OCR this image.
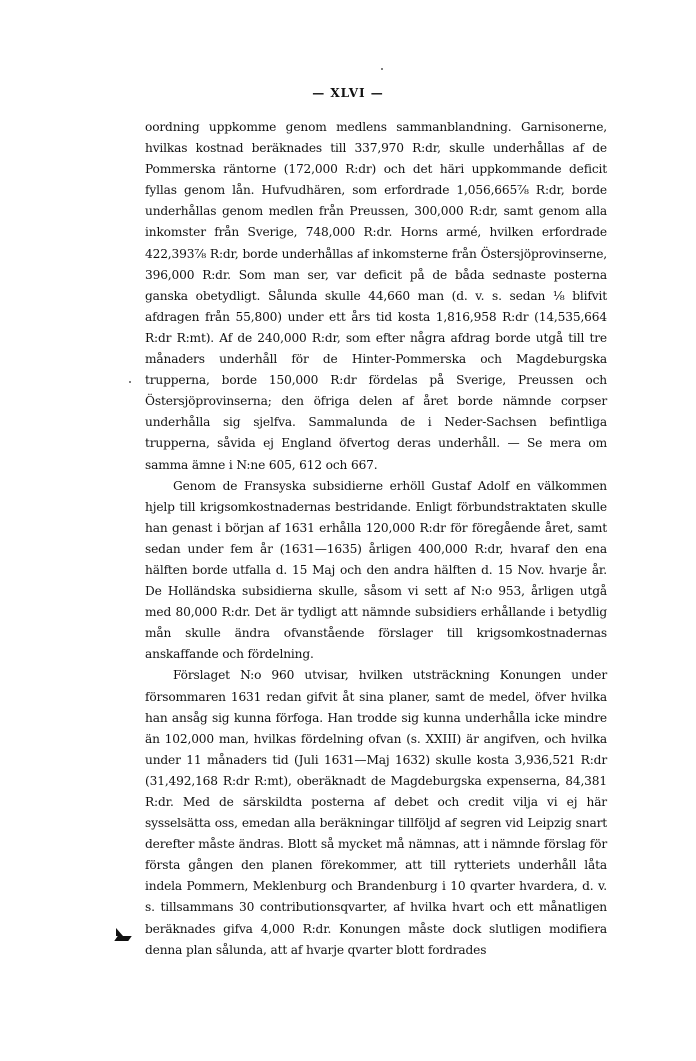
— XLVI —

oordning uppkomme genom medlens sammanblandning. Garnisonerne, hvilkas kostnad beräknades till 337,970 R:dr, skulle underhållas af de Pommerska räntorne (172,000 R:dr) och det häri uppkommande deficit fyllas genom lån. Hufvudhären, som erfordrade 1,056,665⅞ R:dr, borde underhållas genom medlen från Preussen, 300,000 R:dr, samt genom alla inkomster från Sverige, 748,000 R:dr. Horns armé, hvilken erfordrade 422,393⅞ R:dr, borde underhållas af inkomsterne från Östersjöprovinserne, 396,000 R:dr. Som man ser, var deficit på de båda sednaste posterna ganska obetydligt. Sålunda skulle 44,660 man (d. v. s. sedan ⅛ blifvit afdragen från 55,800) under ett års tid kosta 1,816,958 R:dr (14,535,664 R:dr R:mt). Af de 240,000 R:dr, som efter några afdrag borde utgå till tre månaders underhåll för de Hinter-Pommerska och Magdeburgska trupperna, borde 150,000 R:dr fördelas på Sverige, Preussen och Östersjöprovinserna; den öfriga delen af året borde nämnde corpser underhålla sig sjelfva. Sammalunda de i Neder-Sachsen befintliga trupperna, såvida ej England öfvertog deras underhåll. — Se mera om samma ämne i N:ne 605, 612 och 667.

Genom de Fransyska subsidierne erhöll Gustaf Adolf en välkommen hjelp till krigsomkostnadernas bestridande. Enligt förbundstraktaten skulle han genast i början af 1631 erhålla 120,000 R:dr för föregående året, samt sedan under fem år (1631—1635) årligen 400,000 R:dr, hvaraf den ena hälften borde utfalla d. 15 Maj och den andra hälften d. 15 Nov. hvarje år. De Holländska subsidierna skulle, såsom vi sett af N:o 953, årligen utgå med 80,000 R:dr. Det är tydligt att nämnde subsidiers erhållande i betydlig mån skulle ändra ofvanstående förslager till krigsomkostnadernas anskaffande och fördelning.

Förslaget N:o 960 utvisar, hvilken utsträckning Konungen under försommaren 1631 redan gifvit åt sina planer, samt de medel, öfver hvilka han ansåg sig kunna förfoga. Han trodde sig kunna underhålla icke mindre än 102,000 man, hvilkas fördelning ofvan (s. XXIII) är angifven, och hvilka under 11 månaders tid (Juli 1631—Maj 1632) skulle kosta 3,936,521 R:dr (31,492,168 R:dr R:mt), oberäknadt de Magdeburgska expenserna, 84,381 R:dr. Med de särskildta posterna af debet och credit vilja vi ej här sysselsätta oss, emedan alla beräkningar tillföljd af segren vid Leipzig snart derefter måste ändras. Blott så mycket må nämnas, att i nämnde förslag för första gången den planen förekommer, att till rytteriets underhåll låta indela Pommern, Meklenburg och Brandenburg i 10 qvarter hvardera, d. v. s. tillsammans 30 contributionsqvarter, af hvilka hvart och ett månatligen beräknades gifva 4,000 R:dr. Konungen måste dock slutligen modifiera denna plan sålunda, att af hvarje qvarter blott fordrades
